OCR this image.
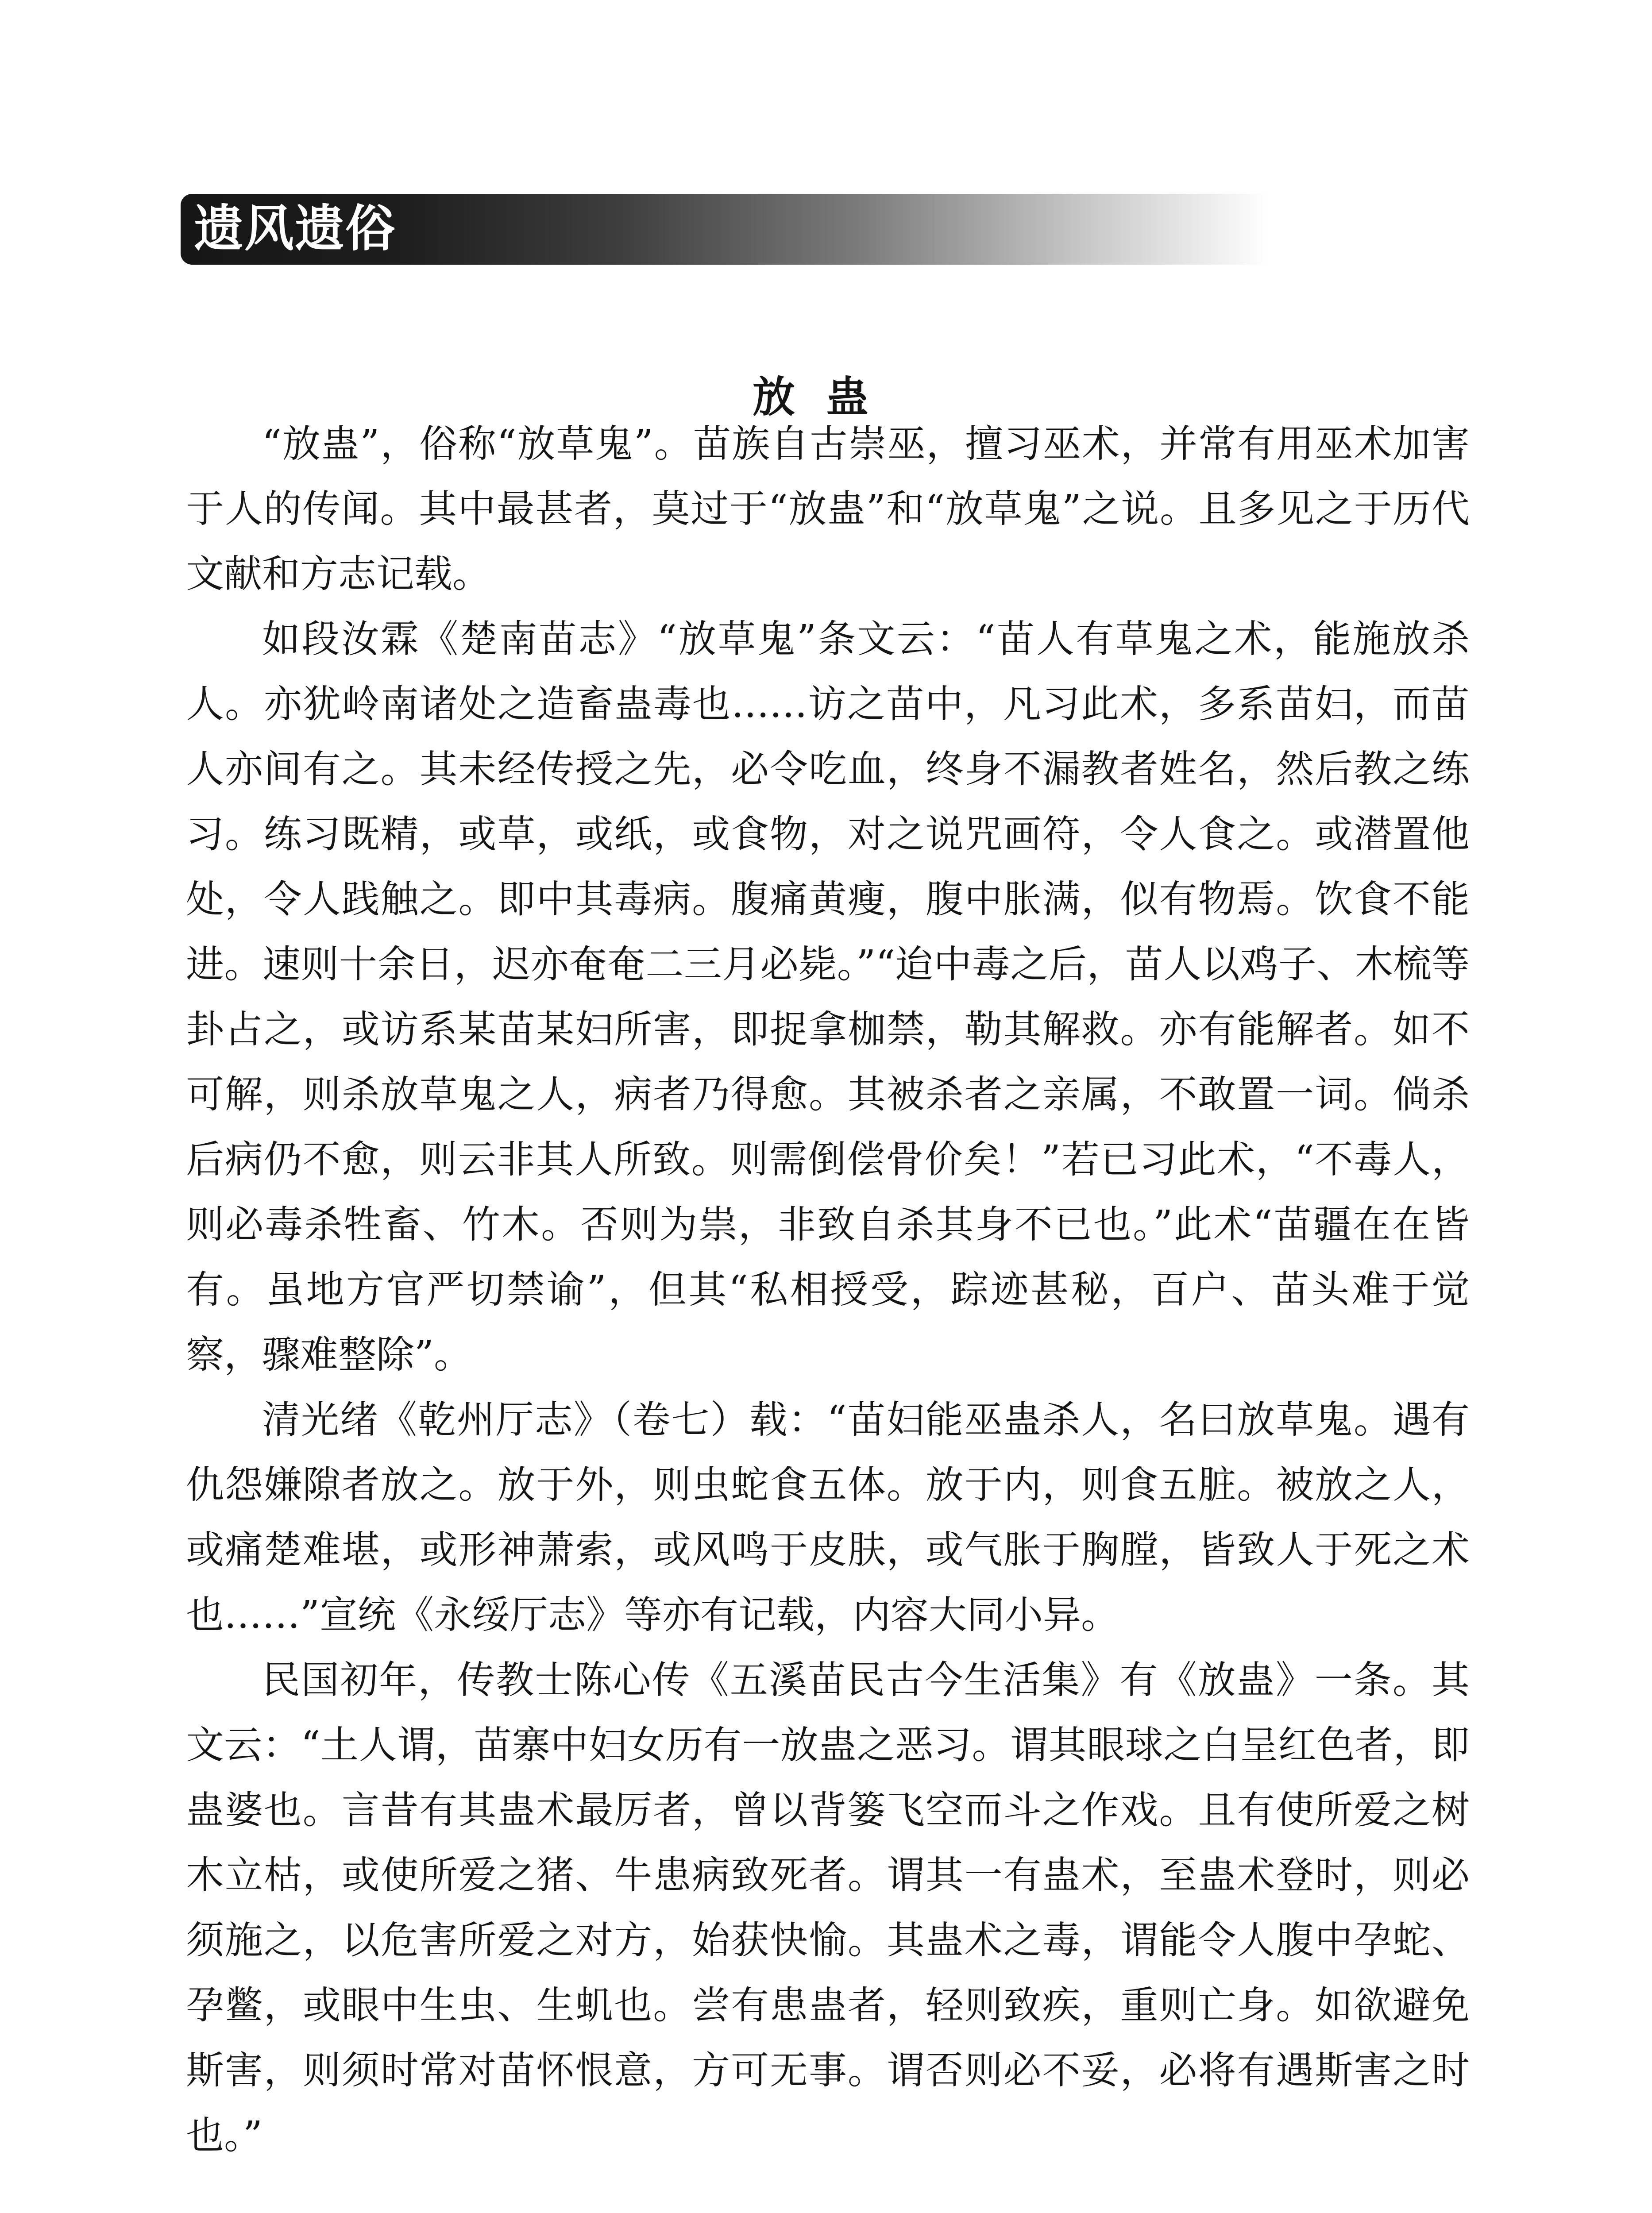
遗风遗俗
放蛊

“放蛊”，俗称“放草鬼”。苗族自古崇巫，擅习巫术，并常有用巫术加害于人的传闻。其中最甚者，莫过于“放蛊”和“放草鬼”之说。且多见之于历代文献和方志记载。

如段汝霖《楚南苗志》“放草鬼”条文云：“苗人有草鬼之术，能施放杀人。亦犹岭南诸处之造畜蛊毒也……访之苗中，凡习此术，多系苗妇，而苗人亦间有之。其未经传授之先，必令吃血，终身不漏教者姓名，然后教之练习。练习既精，或草，或纸，或食物，对之说咒画符，令人食之。或潜置他处，令人践触之。即中其毒病。腹痛黄瘦，腹中胀满，似有物焉。饮食不能进。速则十余日，迟亦奄奄二三月必毙。”“迨中毒之后，苗人以鸡子、木梳等卦占之，或访系某苗某妇所害，即捉拿枷禁，勒其解救。亦有能解者。如不可解，则杀放草鬼之人，病者乃得愈。其被杀者之亲属，不敢置一词。倘杀后病仍不愈，则云非其人所致。则需倒偿骨价矣！”若已习此术，“不毒人，则必毒杀牲畜、竹木。否则为祟，非致自杀其身不已也。”此术“苗疆在在皆有。虽地方官严切禁谕”，但其“私相授受，踪迹甚秘，百户、苗头难于觉察，骤难整除”。

清光绪《乾州厅志》（卷七）载：“苗妇能巫蛊杀人，名曰放草鬼。遇有仇怨嫌隙者放之。放于外，则虫蛇食五体。放于内，则食五脏。被放之人，或痛楚难堪，或形神萧索，或风鸣于皮肤，或气胀于胸膛，皆致人于死之术也……”宣统《永绥厅志》等亦有记载，内容大同小异。

民国初年，传教士陈心传《五溪苗民古今生活集》有《放蛊》一条。其文云：“土人谓，苗寨中妇女历有一放蛊之恶习。谓其眼球之白呈红色者，即蛊婆也。言昔有其蛊术最厉者，曾以背篓飞空而斗之作戏。且有使所爱之树木立枯，或使所爱之猪、牛患病致死者。谓其一有蛊术，至蛊术登时，则必须施之，以危害所爱之对方，始获快愉。其蛊术之毒，谓能令人腹中孕蛇、孕鳖，或眼中生虫、生虮也。尝有患蛊者，轻则致疾，重则亡身。如欲避免斯害，则须时常对苗怀恨意，方可无事。谓否则必不妥，必将有遇斯害之时也。”
